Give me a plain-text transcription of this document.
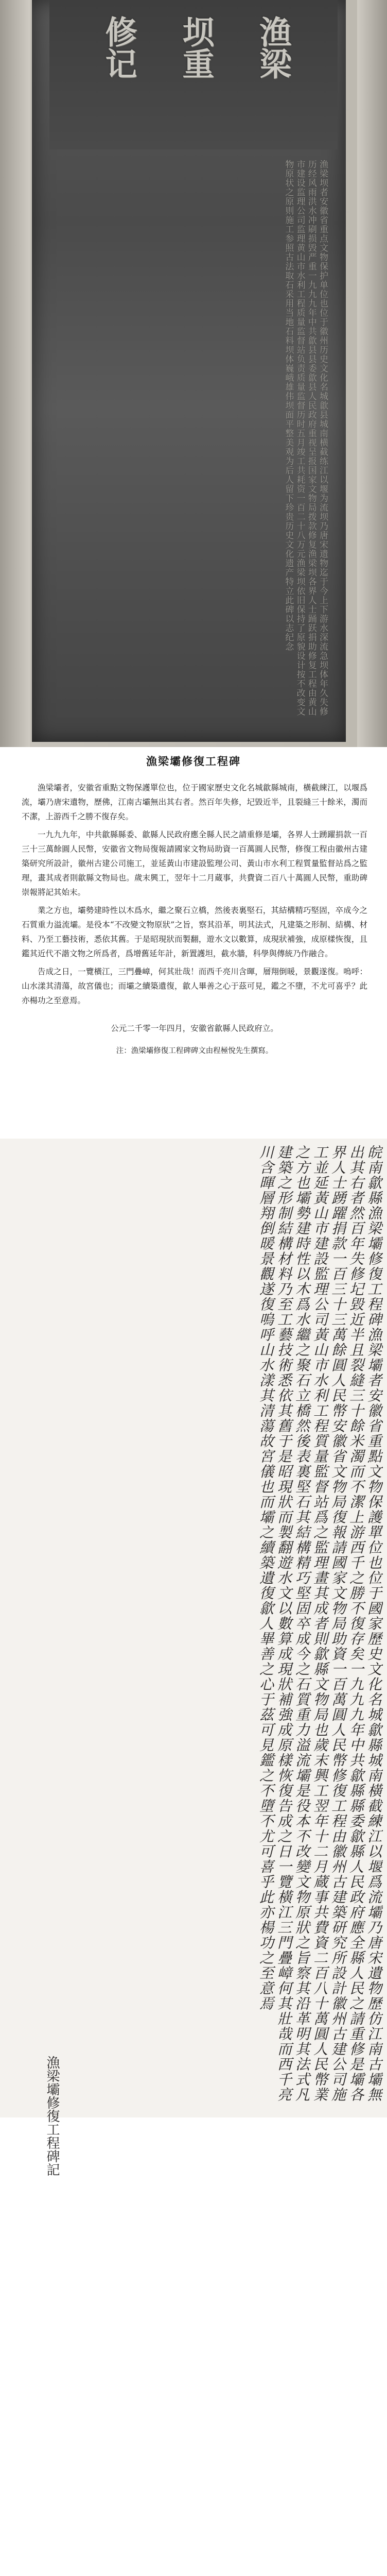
渔梁
坝重
修记
渔梁坝者安徽省重点文物保护单位也位于徽州历史文化名城歙县城南横截练江以堰为流坝乃唐宋遗物迄于今上下游水深流急坝体年久失修历经风雨洪水冲刷损毁严重一九九九年中共歙县县委歙县人民政府重视呈报国家文物局拨款修复渔梁坝各界人士踊跃捐助修复工程由黄山市建设监理公司监理黄山市水利工程质量监督站负责质量监督历时五月竣工共耗资一百二十八万元渔梁坝依旧保持了原貌设计按不改变文物原状之原则施工参照古法取石采用当地石料坝体巍峨雄伟坝面平整美观为后人留下珍贵历史文化遗产特立此碑以志纪念
漁梁壩修復工程碑

漁梁壩者，安徽省重點文物保護單位也，位于國家歷史文化名城歙縣城南，橫截練江，以堰爲流，壩乃唐宋遺物，歷佛，江南古壩無出其右者。然百年失修，圮毀近半，且裂縫三十餘米，濁而不潔，上游西千之勝不復存矣。

一九九九年，中共歙縣縣委、歙縣人民政府應全縣人民之請重修是壩，各界人士踴躍捐款一百三十三萬餘圓人民幣，安徽省文物局復報請國家文物局助資一百萬圓人民幣，修復工程由徽州古建築研究所設計，徽州古建公司施工，並延黃山市建設監理公司、黃山市水利工程質量監督站爲之監理，畫其成者則歙縣文物局也。歲末興工，翌年十二月蔵事，共費資二百八十萬圓人民幣，重助碑崇報將記其始末。

業之方也，壩勢建時性以木爲水，繼之聚石立橋，然後表裏堅石，其結構精巧堅固，卒成今之石質重力溢流壩。是役本“不改變文物原狀”之旨，察其沿革，明其法式，凡建築之形制、結構、材料、乃至工藝技術，悉依其舊。于是昭現狀而製翻，遊水文以數算，成現狀補強，成原樣恢復，且鑑其近代不諧文物之所爲者，爲增舊延年計，新置護坦，截水牆，科學與傳統乃作融合。

告成之日，一覽橫江，三門疊嶂，何其壯哉！而西千亮川含暉，層翔倒暖，景觀遂復。嗚呼：山水漾其清蕩，故宮儀也；而壩之續築遺復，歙人畢善之心于茲可見，鑑之不墮，不尤可喜乎？此亦楊功之至意焉。

公元二千零一年四月，安徽省歙縣人民政府立。

注：漁梁壩修復工程碑碑文由程極悅先生撰寫。

皖南歙縣漁梁壩修復工程碑漁梁壩者安徽省重點文物保護單位也位于國家歷史文化名城歙縣城南橫截練江以堰爲流壩乃唐宋遺物歷仿江南古壩無出其右者然百年失修圮毀近半且裂縫三十餘米濁而不潔上游西千之勝不復存矣一九九九年中共歙縣縣委歙縣人民政府應全縣人民之請重修是壩各界人士踴躍捐款一百三十三萬餘圓人民幣安徽省文物局復報請國家文物局助資一百萬圓人民幣修復工程由徽州古建築研究所設計徽州古建公司施工並延黃山市建設監理公司黃山市水利工程質量監督站爲之監理畫其成者則歙縣文物局也歲末興工翌年十二月蔵事共費資二百八十萬圓人民幣業之方也壩勢建時性以木爲水繼之聚石立橋然後表裏堅石其結構精巧堅固卒成今之石質重力溢流壩是役本不改變文物原狀之旨察其沿革明其法式凡建築之形制結構材料乃至工藝技術悉依其舊于是昭現狀而製翻遊水文以數算成現狀補強成原樣恢復告成之日一覽橫江三門疊嶂何其壯哉而西千亮川含暉層翔倒暖景觀遂復嗚呼山水漾其清蕩故宮儀也而壩之續築遺復歙人畢善之心于茲可見鑑之不墮不尤可喜乎此亦楊功之至意焉
漁梁壩修復工程碑記
